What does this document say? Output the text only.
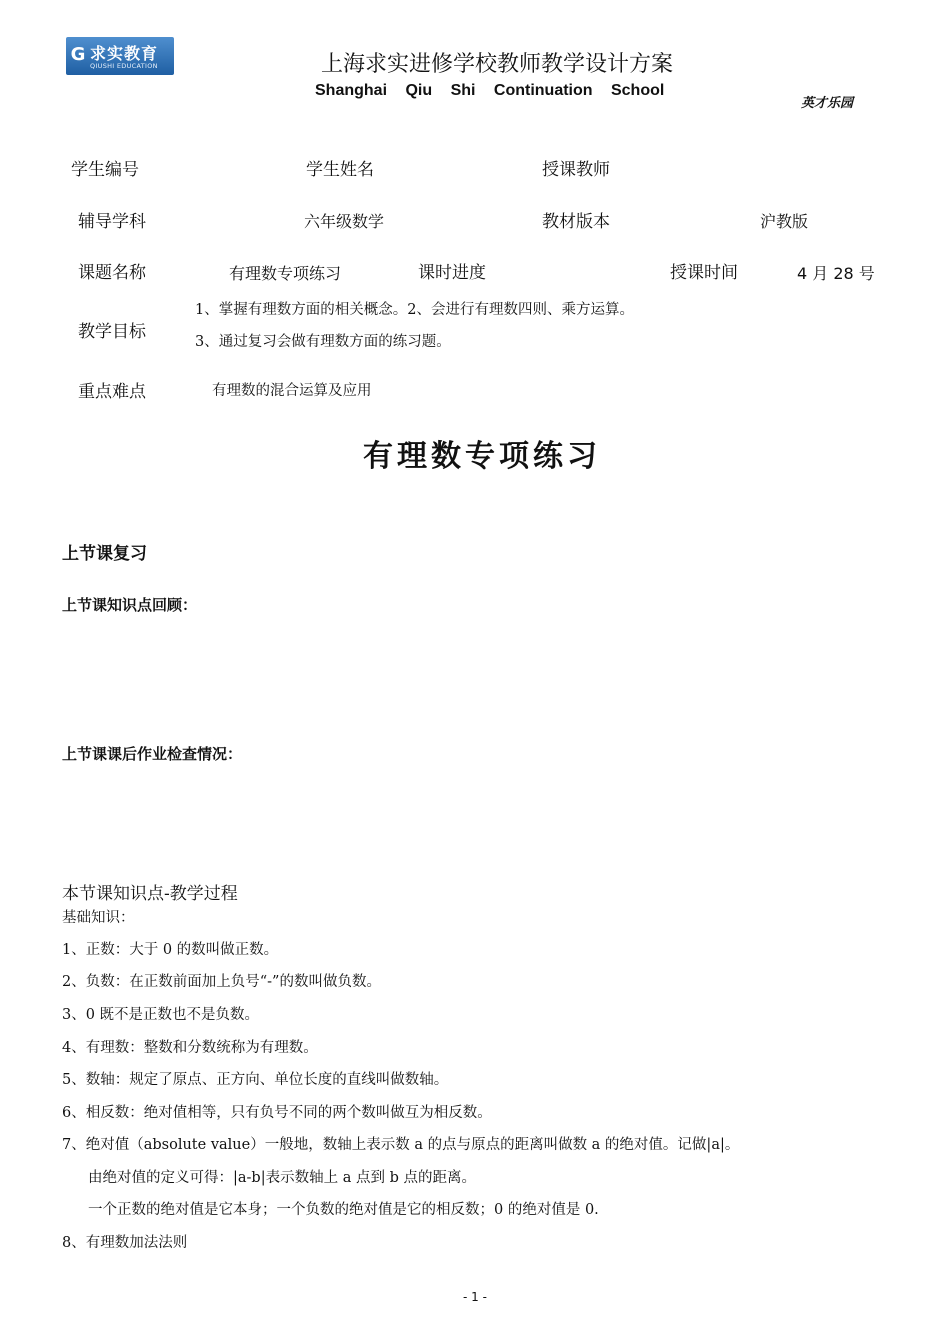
G 求实教育
QIUSHI EDUCATION	上海求实进修学校教师教学设计方案
Shanghai Qiu Shi Continuation School
英才乐园
学生编号	学生姓名	授课教师
辅导学科	六年级数学	教材版本	沪教版
课题名称	有理数专项练习	课时进度	授课时间	4 月 28 号
教学目标
1、掌握有理数方面的相关概念。2、会进行有理数四则、乘方运算。
3、通过复习会做有理数方面的练习题。
重点难点	有理数的混合运算及应用
有理数专项练习
上节课复习
上节课知识点回顾：
上节课课后作业检查情况：
本节课知识点-教学过程
基础知识：
1、正数：大于 0 的数叫做正数。
2、负数：在正数前面加上负号“-”的数叫做负数。
3、0 既不是正数也不是负数。
4、有理数：整数和分数统称为有理数。
5、数轴：规定了原点、正方向、单位长度的直线叫做数轴。
6、相反数：绝对值相等，只有负号不同的两个数叫做互为相反数。
7、绝对值（absolute value）一般地，数轴上表示数 a 的点与原点的距离叫做数 a 的绝对值。记做|a|。
由绝对值的定义可得：|a-b|表示数轴上 a 点到 b 点的距离。
一个正数的绝对值是它本身；一个负数的绝对值是它的相反数；0 的绝对值是 0.
8、有理数加法法则
- 1 -
